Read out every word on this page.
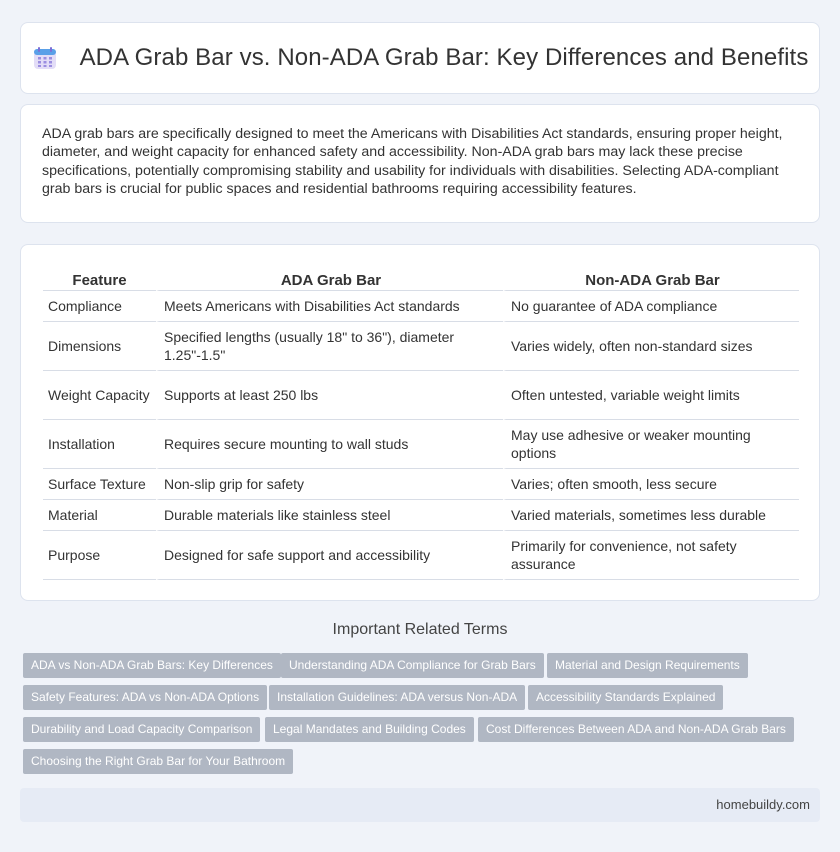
ADA Grab Bar vs. Non-ADA Grab Bar: Key Differences and Benefits

ADA grab bars are specifically designed to meet the Americans with Disabilities Act standards, ensuring proper height, diameter, and weight capacity for enhanced safety and accessibility. Non-ADA grab bars may lack these precise specifications, potentially compromising stability and usability for individuals with disabilities. Selecting ADA-compliant grab bars is crucial for public spaces and residential bathrooms requiring accessibility features.

Feature	ADA Grab Bar	Non-ADA Grab Bar
Compliance	Meets Americans with Disabilities Act standards	No guarantee of ADA compliance
Dimensions	Specified lengths (usually 18" to 36"), diameter 1.25"-1.5"	Varies widely, often non-standard sizes
Weight Capacity	Supports at least 250 lbs	Often untested, variable weight limits
Installation	Requires secure mounting to wall studs	May use adhesive or weaker mounting options
Surface Texture	Non-slip grip for safety	Varies; often smooth, less secure
Material	Durable materials like stainless steel	Varied materials, sometimes less durable
Purpose	Designed for safe support and accessibility	Primarily for convenience, not safety assurance
Important Related Terms
ADA vs Non-ADA Grab Bars: Key Differences	Understanding ADA Compliance for Grab Bars	Material and Design Requirements
Safety Features: ADA vs Non-ADA Options	Installation Guidelines: ADA versus Non-ADA	Accessibility Standards Explained
Durability and Load Capacity Comparison	Legal Mandates and Building Codes	Cost Differences Between ADA and Non-ADA Grab Bars
Choosing the Right Grab Bar for Your Bathroom
homebuildy.com
